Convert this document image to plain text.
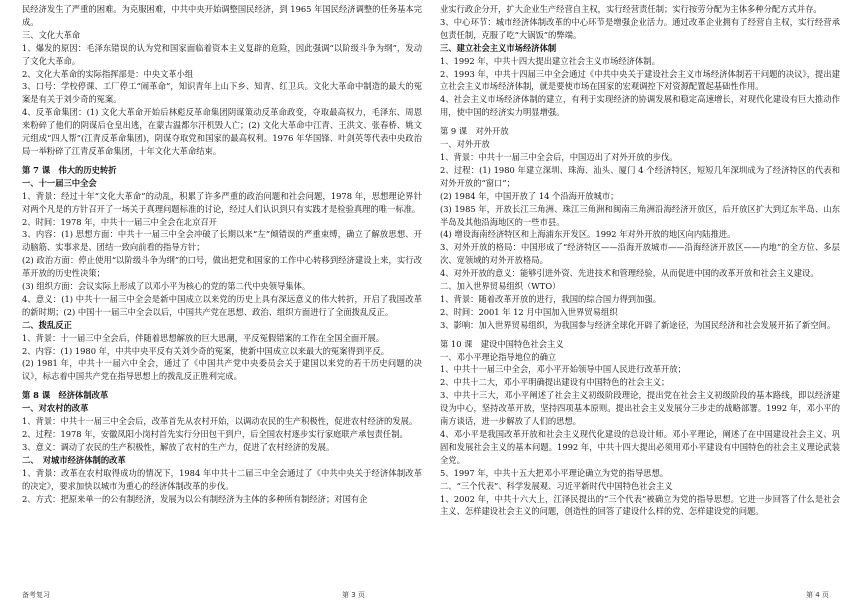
民经济发生了严重的困难。为克服困难，中共中央开始调整国民经济，到 1965 年国民经济调整的任务基本完成。

三、文化大革命

1、爆发的原因：毛泽东错误的认为党和国家面临着资本主义复辟的危险，因此强调“以阶级斗争为纲”，发动了文化大革命。

2、文化大革命的实际指挥部是：中央文革小组

3、口号：学校停课、工厂停工“闹革命”，知识青年上山下乡、知青、红卫兵。文化大革命中制造的最大的冤案是有关于刘少奇的冤案。

4、反革命集团：(1) 文化大革命开始后林彪反革命集团阴谋策动反革命政变，夺取最高权力，毛泽东、周恩来粉碎了他们的阴谋后仓皇出逃，在蒙古温都尔汗机毁人亡；(2) 文化大革命中江青、王洪文、张春桥、姚文元组成“四人帮”(江青反革命集团)，阴谋夺取党和国家的最高权利。1976 年华国锋、叶剑英等代表中央政治局一举粉碎了江青反革命集团，十年文化大革命结束。

第 7 课　伟大的历史转折

一、十一届三中全会

1、背景：经过十年“文化大革命”的动乱，积累了许多严重的政治问题和社会问题，1978 年，思想理论界针对两个凡是的方针召开了一场关于真理问题标准的讨论，经过人们认识到只有实践才是检验真理的唯一标准。

2、时间：1978 年，中共十一届三中全会在北京召开

3、内容：(1) 思想方面：中共十一届三中全会冲破了长期以来“左”倾错误的严重束缚，确立了解放思想、开动脑筋、实事求是、团结一致向前看的指导方针；

(2) 政治方面：停止使用“以阶级斗争为纲”的口号，做出把党和国家的工作中心转移到经济建设上来，实行改革开放的历史性决策；

(3) 组织方面：会议实际上形成了以邓小平为核心的党的第二代中央领导集体。

4、意义：(1) 中共十一届三中全会是新中国成立以来党的历史上具有深远意义的伟大转折，开启了我国改革的新时期；(2) 中国十一届三中全会以后，中国共产党在思想、政治、组织方面进行了全面拨乱反正。

二、拨乱反正

1、背景：十一届三中全会后，伴随着思想解放的巨大思潮，平反冤假错案的工作在全国全面开展。

2、内容：(1) 1980 年，中共中央平反有关刘少奇的冤案，使新中国成立以来最大的冤案得到平反。

(2) 1981 年，中共十一届六中全会，通过了《中国共产党中央委员会关于建国以来党的若干历史问题的决议》，标志着中国共产党在指导思想上的拨乱反正胜利完成。

第 8 课　经济体制改革

一、对农村的改革

1、背景：中共十一届三中全会后，改革首先从农村开始，以调动农民的生产积极性，促进农村经济的发展。

2、过程：1978 年，安徽凤阳小岗村首先实行分田包干到户，后全国农村逐步实行家庭联产承包责任制。

3、意义：调动了农民的生产积极性，解放了农村的生产力，促进了农村经济的发展。

二、　对城市经济体制的改革

1、背景：改革在农村取得成功的情况下，1984 年中共十二届三中全会通过了《中共中央关于经济体制改革的决定》，要求加快以城市为重心的经济体制改革的步伐。

2、方式：把原来单一的公有制经济，发展为以公有制经济为主体的多种所有制经济；对国有企

业实行政企分开，扩大企业生产经营自主权，实行经营责任制；实行按劳分配为主体多种分配方式并存。

3、中心环节：城市经济体制改革的中心环节是增强企业活力。通过改革企业拥有了经营自主权，实行经营承包责任制，克服了吃“大锅饭”的弊端。

三、建立社会主义市场经济体制

1、1992 年，中共十四大提出建立社会主义市场经济体制。

2、1993 年，中共十四届三中全会通过《中共中央关于建设社会主义市场经济体制若干问题的决议》，提出建立社会主义市场经济体制，就是要使市场在国家的宏观调控下对资源配置起基础性作用。

4、社会主义市场经济体制的建立，有利于实现经济的协调发展和稳定高速增长，对现代化建设有巨大推动作用，使中国的经济实力明显增强。

第 9 课　对外开放

一、对外开放

1、背景：中共十一届三中全会后，中国迈出了对外开放的步伐。

2、过程：(1) 1980 年建立深圳、珠海、汕头、厦门 4 个经济特区，短短几年深圳成为了经济特区的代表和对外开放的“窗口”；

(2) 1984 年，中国开放了 14 个沿海开放城市；

(3) 1985 年，开放长江三角洲、珠江三角洲和闽南三角洲沿海经济开放区，后开放区扩大到辽东半岛、山东半岛及其他沿海地区的一些市县。

(4) 增设海南经济特区和上海浦东开发区。1992 年对外开放的地区向内陆推进。

3、对外开放的格局：中国形成了“经济特区——沿海开放城市——沿海经济开放区——内地”的全方位、多层次、宽领域的对外开放格局。

4、对外开放的意义：能够引进外资、先进技术和管理经验，从而促进中国的改革开放和社会主义建设。

二、加入世界贸易组织（WTO）

1、背景：随着改革开放的进行，我国的综合国力得到加强。

2、时间：2001 年 12 月中国加入世界贸易组织

3、影响：加入世界贸易组织，为我国参与经济全球化开辟了新途径，为国民经济和社会发展开拓了新空间。

第 10 课　建设中国特色社会主义

一、邓小平理论指导地位的确立

1、中共十一届三中全会，邓小平开始领导中国人民进行改革开放；

2、中共十二大，邓小平明确提出建设有中国特色的社会主义；

3、中共十三大，邓小平阐述了社会主义初级阶段理论，提出党在社会主义初级阶段的基本路线，即以经济建设为中心，坚持改革开放，坚持四项基本原则。提出社会主义发展分三步走的战略部署。1992 年，邓小平的南方谈话，进一步解放了人们的思想。

4、邓小平是我国改革开放和社会主义现代化建设的总设计师。邓小平理论，阐述了在中国建设社会主义、巩固和发展社会主义的基本问题。1992 年，中共十四大提出必须用邓小平建设有中国特色的社会主义理论武装全党。

5、1997 年，中共十五大把邓小平理论确立为党的指导思想。

二、“三个代表”、科学发展观、习近平新时代中国特色社会主义

1、2002 年，中共十六大上，江泽民提出的“三个代表”被确立为党的指导思想。它进一步回答了什么是社会主义、怎样建设社会主义的问题，创造性的回答了建设什么样的党、怎样建设党的问题。

备考复习	第 3 页	第 4 页
